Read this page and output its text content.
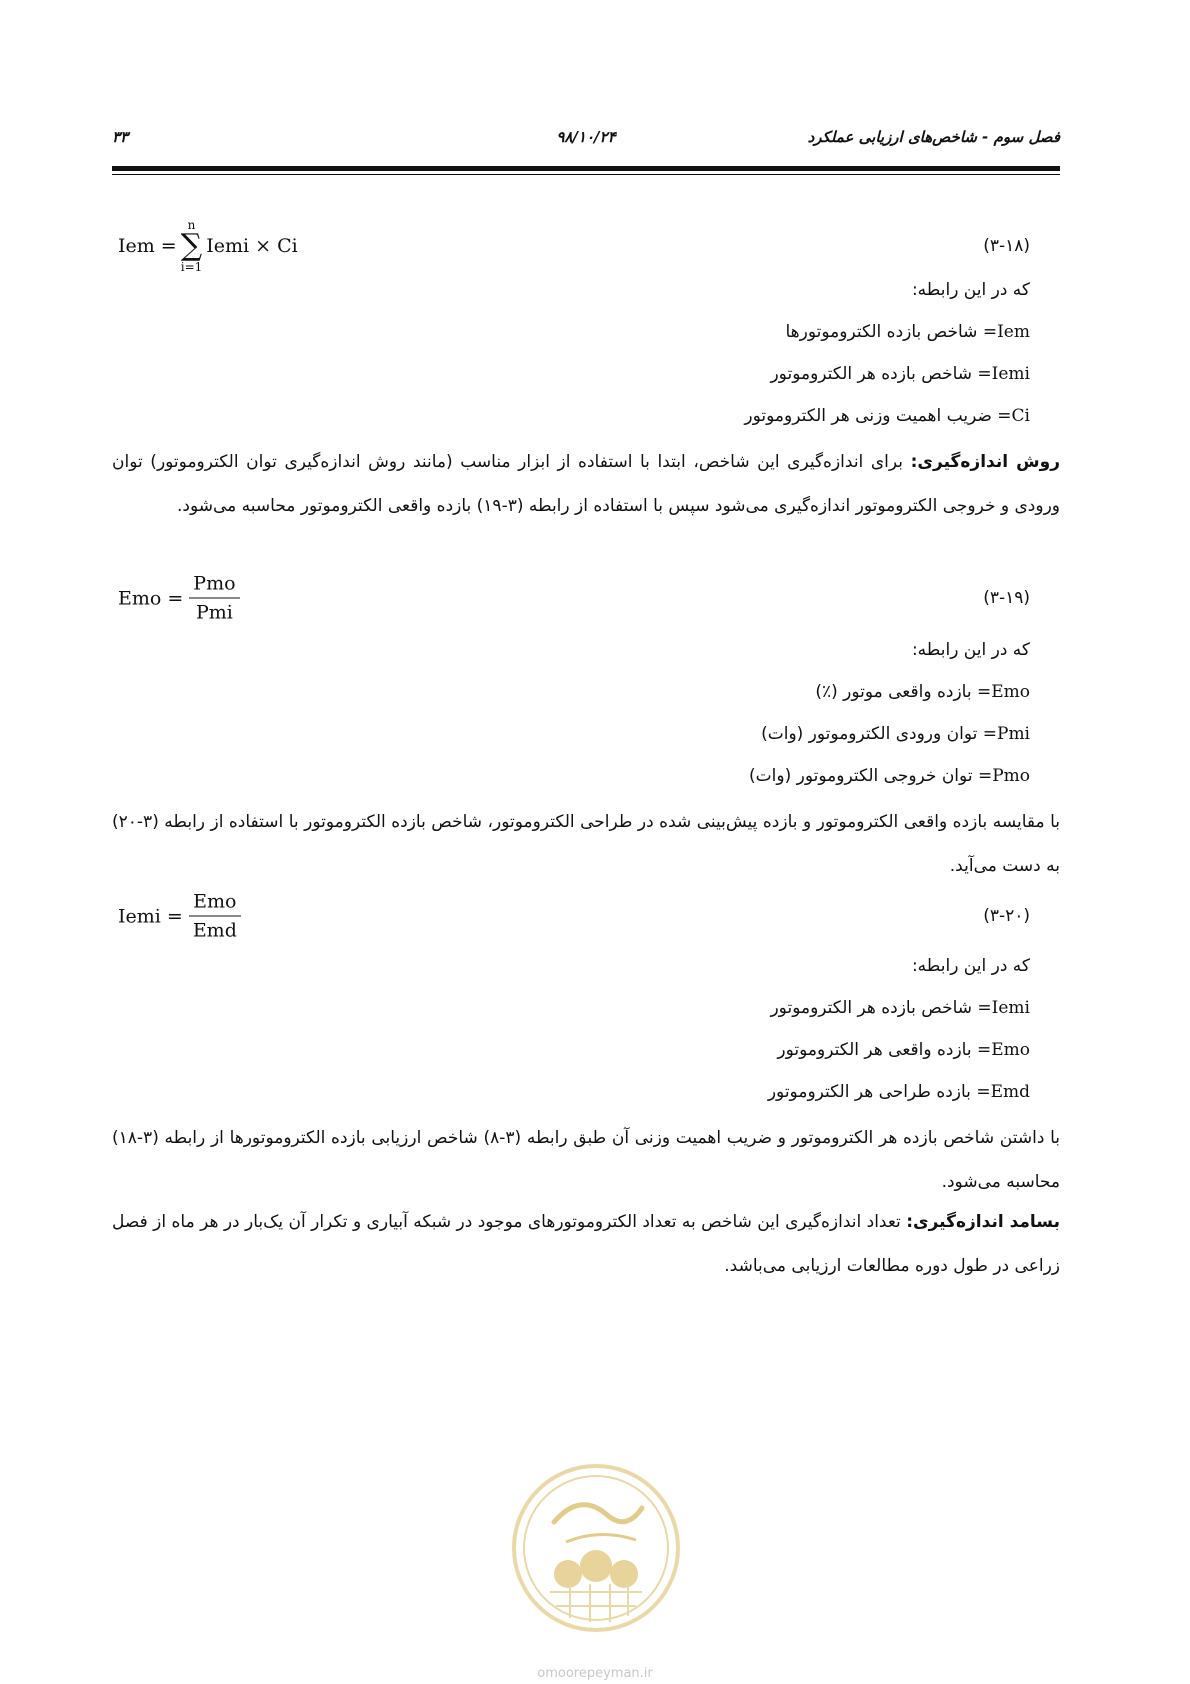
فصل سوم - شاخص‌های ارزیابی عملکرد
۹۸/۱۰/۲۴
۳۳
Iem =
n
∑
i=1
Iemi × Ci	(۳-۱۸)
که در این رابطه:
Iem= شاخص بازده الکتروموتورها
Iemi= شاخص بازده هر الکتروموتور
Ci= ضریب اهمیت وزنی هر الکتروموتور
روش اندازه‌گیری: برای اندازه‌گیری این شاخص، ابتدا با استفاده از ابزار مناسب (مانند روش اندازه‌گیری توان الکتروموتور) توان ورودی و خروجی الکتروموتور اندازه‌گیری می‌شود سپس با استفاده از رابطه (۳-۱۹) بازده واقعی الکتروموتور محاسبه می‌شود.
Emo = $\frac{\text{Pmo}}{\text{Pmi}}$	(۳-۱۹)
که در این رابطه:
Emo= بازده واقعی موتور (٪)
Pmi= توان ورودی الکتروموتور (وات)
Pmo= توان خروجی الکتروموتور (وات)
با مقایسه بازده واقعی الکتروموتور و بازده پیش‌بینی شده در طراحی الکتروموتور، شاخص بازده الکتروموتور با استفاده از رابطه (۳-۲۰) به دست می‌آید.
Iemi = $\frac{\text{Emo}}{\text{Emd}}$	(۳-۲۰)
که در این رابطه:
Iemi= شاخص بازده هر الکتروموتور
Emo= بازده واقعی هر الکتروموتور
Emd= بازده طراحی هر الکتروموتور
با داشتن شاخص بازده هر الکتروموتور و ضریب اهمیت وزنی آن طبق رابطه (۳-۸) شاخص ارزیابی بازده الکتروموتورها از رابطه (۳-۱۸) محاسبه می‌شود.
بسامد اندازه‌گیری: تعداد اندازه‌گیری این شاخص به تعداد الکتروموتورهای موجود در شبکه آبیاری و تکرار آن یک‌بار در هر ماه از فصل زراعی در طول دوره مطالعات ارزیابی می‌باشد.
omoorepeyman.ir
